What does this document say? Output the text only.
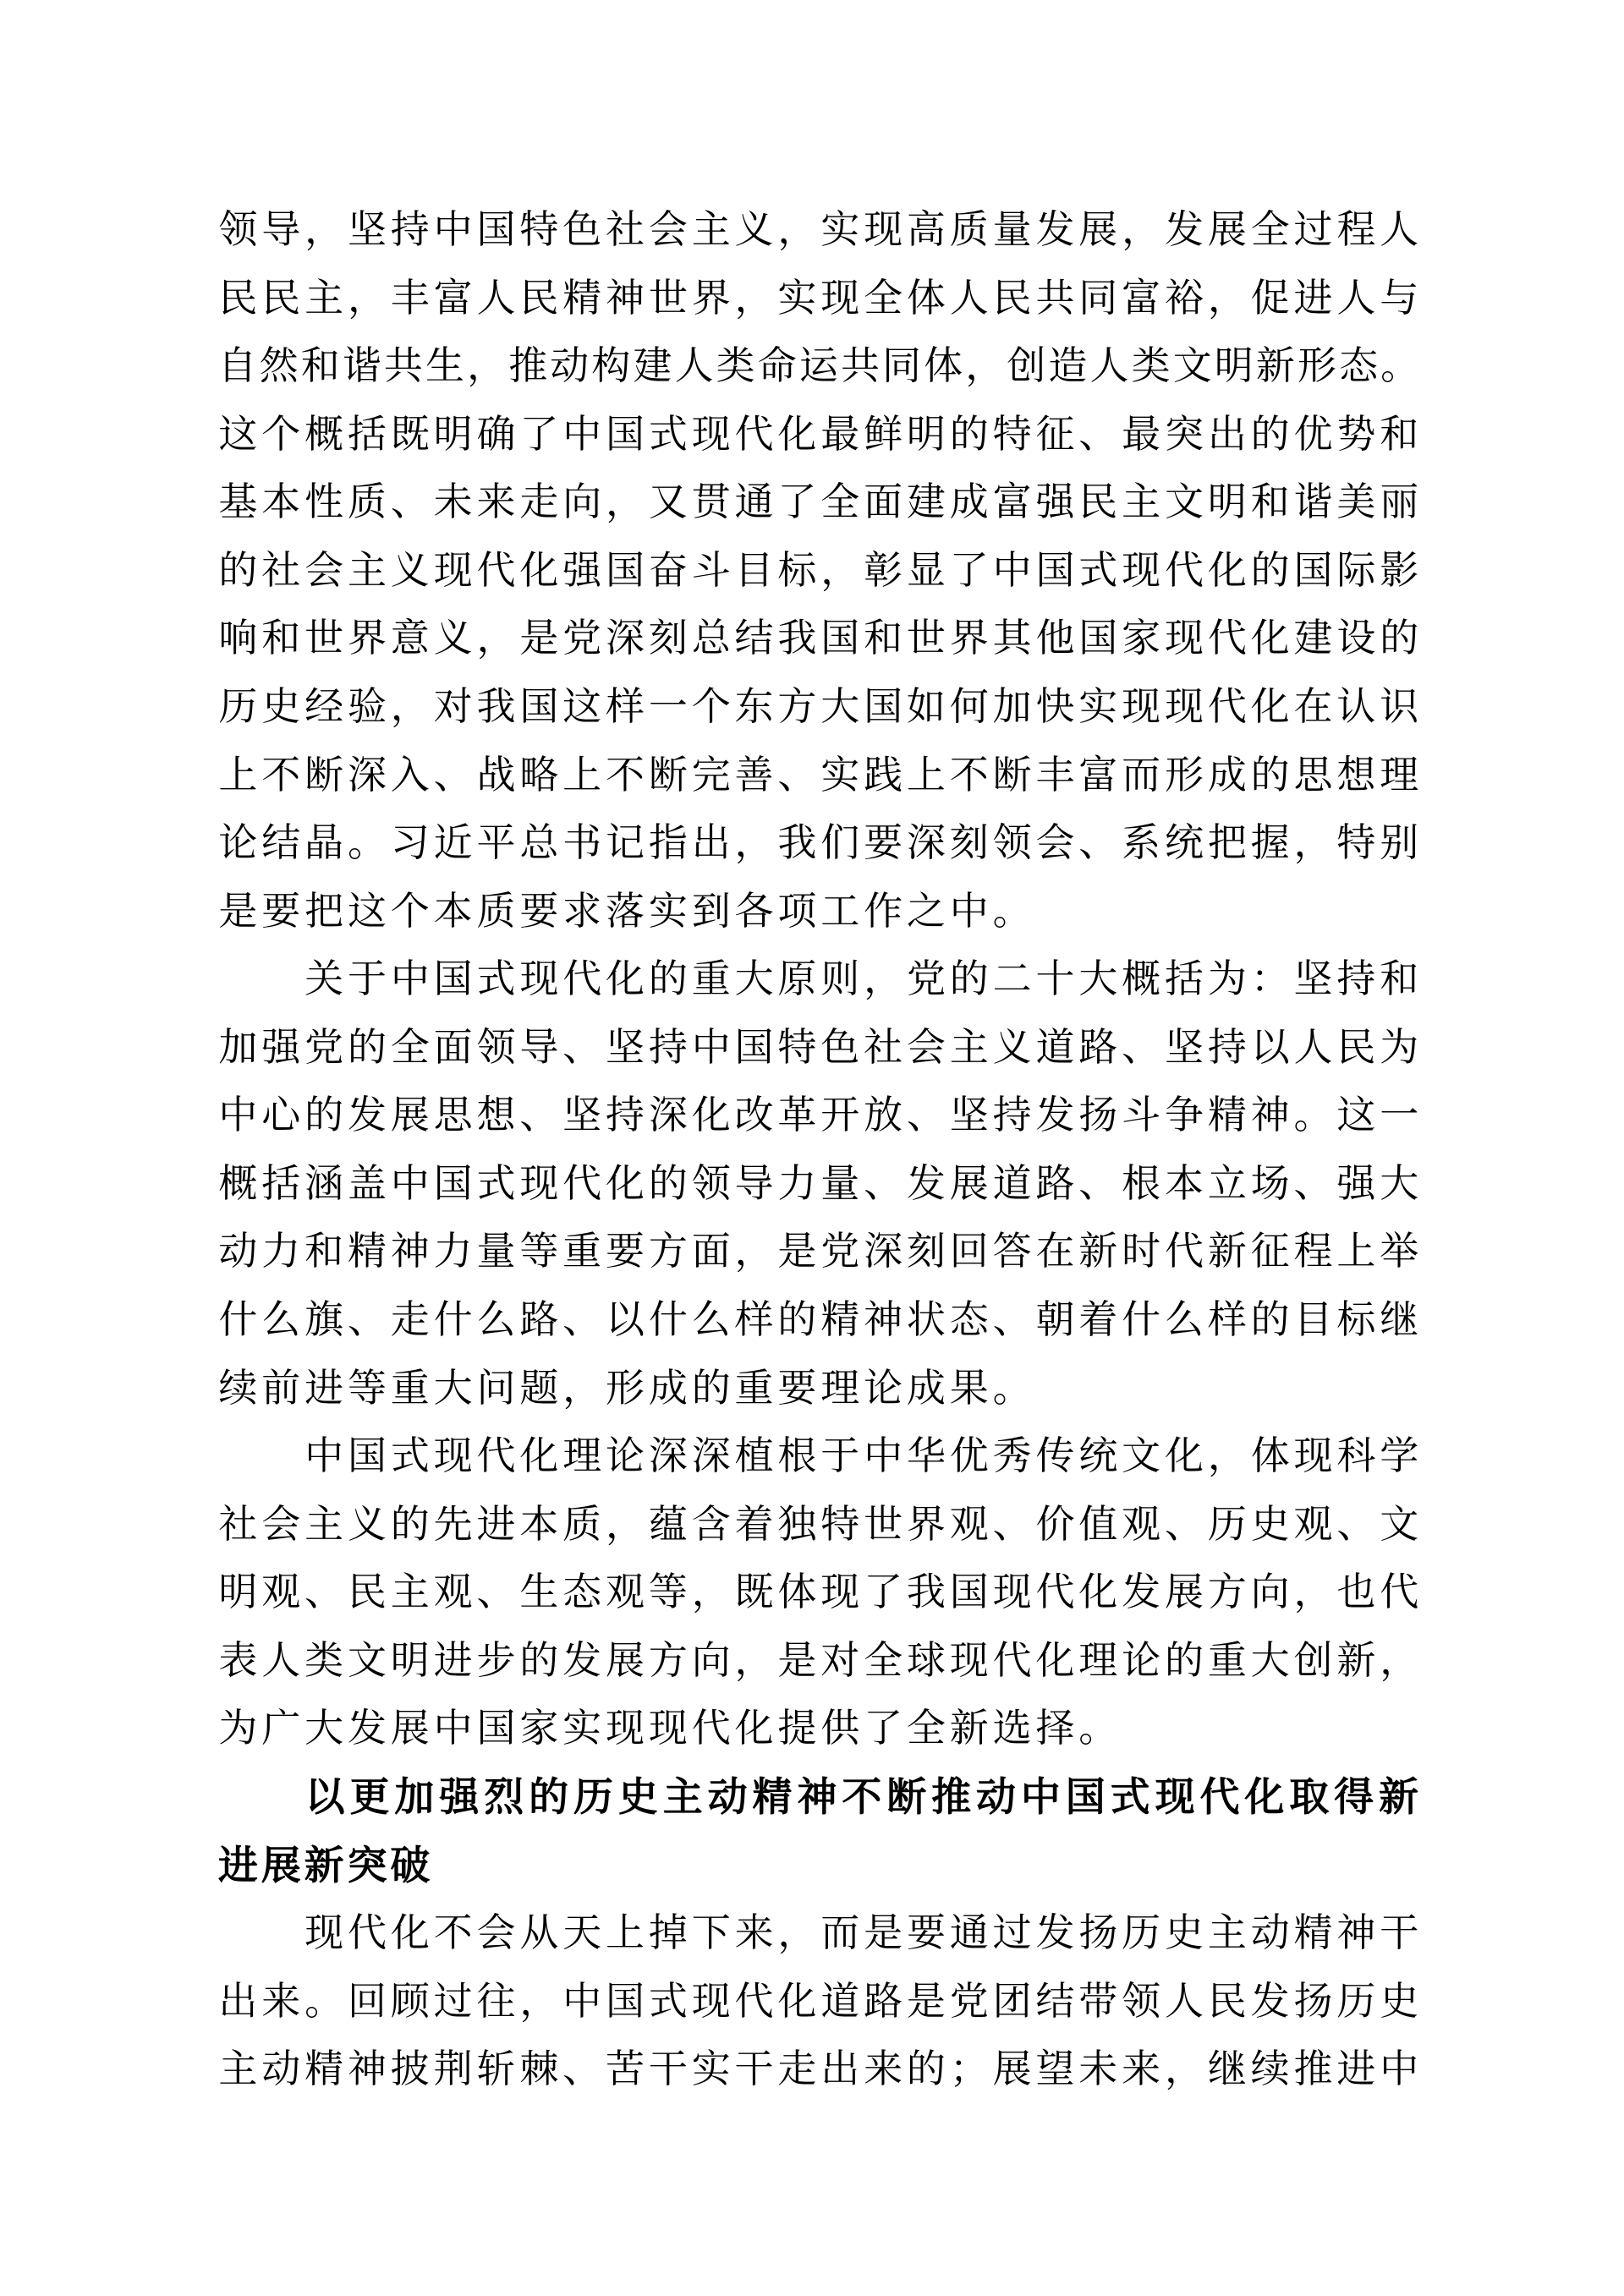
领 导 ， 坚 持 中 国 特 色 社 会 主 义 ， 实 现 高 质 量 发 展 ， 发 展 全 过 程 人
民 民 主 ， 丰 富 人 民 精 神 世 界 ， 实 现 全 体 人 民 共 同 富 裕 ， 促 进 人 与
自然和谐共生，推动构建人类命运共同体，创造人类文明新形态。
这 个 概 括 既 明 确 了 中 国 式 现 代 化 最 鲜 明 的 特 征 、 最 突 出 的 优 势 和
基 本 性 质 、 未 来 走 向 ， 又 贯 通 了 全 面 建 成 富 强 民 主 文 明 和 谐 美 丽
的 社 会 主 义 现 代 化 强 国 奋 斗 目 标 ， 彰 显 了 中 国 式 现 代 化 的 国 际 影
响 和 世 界 意 义 ， 是 党 深 刻 总 结 我 国 和 世 界 其 他 国 家 现 代 化 建 设 的
历 史 经 验 ， 对 我 国 这 样 一 个 东 方 大 国 如 何 加 快 实 现 现 代 化 在 认 识
上 不 断 深 入 、 战 略 上 不 断 完 善 、 实 践 上 不 断 丰 富 而 形 成 的 思 想 理
论 结 晶 。 习 近 平 总 书 记 指 出 ， 我 们 要 深 刻 领 会 、 系 统 把 握 ， 特 别
是 要 把 这 个 本 质 要 求 落 实 到 各 项 工 作 之 中 。
关 于 中 国 式 现 代 化 的 重 大 原 则 ， 党 的 二 十 大 概 括 为 ： 坚 持 和
加 强 党 的 全 面 领 导 、 坚 持 中 国 特 色 社 会 主 义 道 路 、 坚 持 以 人 民 为
中 心 的 发 展 思 想 、 坚 持 深 化 改 革 开 放 、 坚 持 发 扬 斗 争 精 神 。 这 一
概 括 涵 盖 中 国 式 现 代 化 的 领 导 力 量 、 发 展 道 路 、 根 本 立 场 、 强 大
动 力 和 精 神 力 量 等 重 要 方 面 ， 是 党 深 刻 回 答 在 新 时 代 新 征 程 上 举
什 么 旗 、 走 什 么 路 、 以 什 么 样 的 精 神 状 态 、 朝 着 什 么 样 的 目 标 继
续 前 进 等 重 大 问 题 ， 形 成 的 重 要 理 论 成 果 。
中 国 式 现 代 化 理 论 深 深 植 根 于 中 华 优 秀 传 统 文 化 ， 体 现 科 学
社 会 主 义 的 先 进 本 质 ， 蕴 含 着 独 特 世 界 观 、 价 值 观 、 历 史 观 、 文
明 观 、 民 主 观 、 生 态 观 等 ， 既 体 现 了 我 国 现 代 化 发 展 方 向 ， 也 代
表 人 类 文 明 进 步 的 发 展 方 向 ， 是 对 全 球 现 代 化 理 论 的 重 大 创 新 ，
为 广 大 发 展 中 国 家 实 现 现 代 化 提 供 了 全 新 选 择 。
以 更 加 强 烈 的 历 史 主 动 精 神 不 断 推 动 中 国 式 现 代 化 取 得 新
进展新突破
现 代 化 不 会 从 天 上 掉 下 来 ， 而 是 要 通 过 发 扬 历 史 主 动 精 神 干
出 来 。 回 顾 过 往 ， 中 国 式 现 代 化 道 路 是 党 团 结 带 领 人 民 发 扬 历 史
主 动 精 神 披 荆 斩 棘 、 苦 干 实 干 走 出 来 的 ； 展 望 未 来 ， 继 续 推 进 中
